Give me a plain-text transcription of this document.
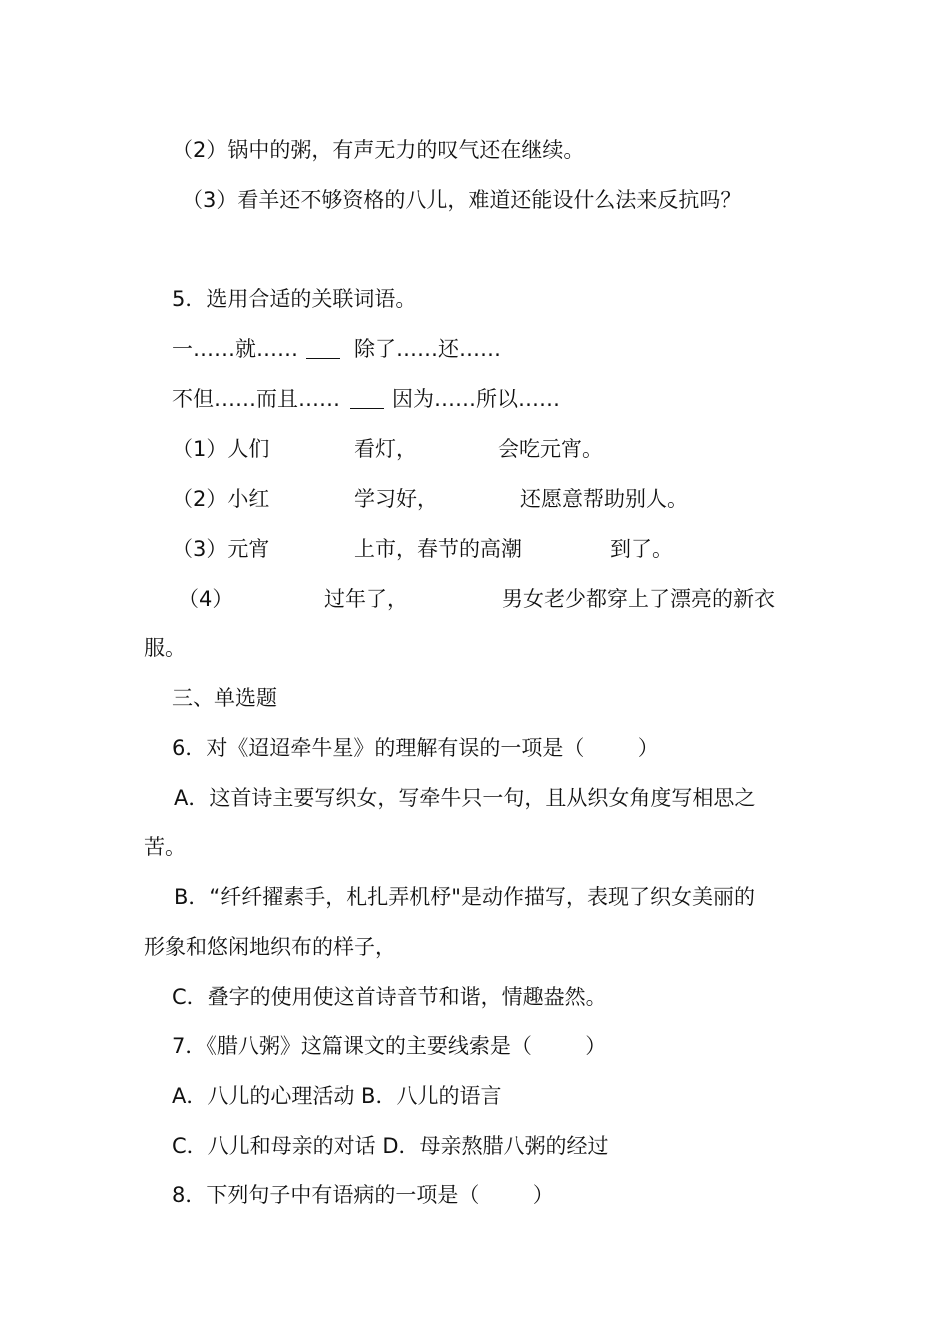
（2）锅中的粥，有声无力的叹气还在继续。
（3）看羊还不够资格的八儿，难道还能设什么法来反抗吗？
5．选用合适的关联词语。

一……就……

	除了……还……

不但……而且……

因为……所以……

（1）人们

	看灯，

	会吃元宵。

（2）小红

	学习好，

	还愿意帮助别人。

（3）元宵

	上市，春节的高潮

	到了。

（4）

	过年了，

	男女老少都穿上了漂亮的新衣

服。
三、单选题
6．对《迢迢牵牛星》的理解有误的一项是（        ）
A．这首诗主要写织女，写牵牛只一句，且从织女角度写相思之
苦。
B．“纤纤擢素手，札扎弄机杼"是动作描写，表现了织女美丽的
形象和悠闲地织布的样子，
C．叠字的使用使这首诗音节和谐，情趣盎然。
7．《腊八粥》这篇课文的主要线索是（        ）
A．八儿的心理活动 B．八儿的语言
C．八儿和母亲的对话 D．母亲熬腊八粥的经过
8．下列句子中有语病的一项是（        ）
